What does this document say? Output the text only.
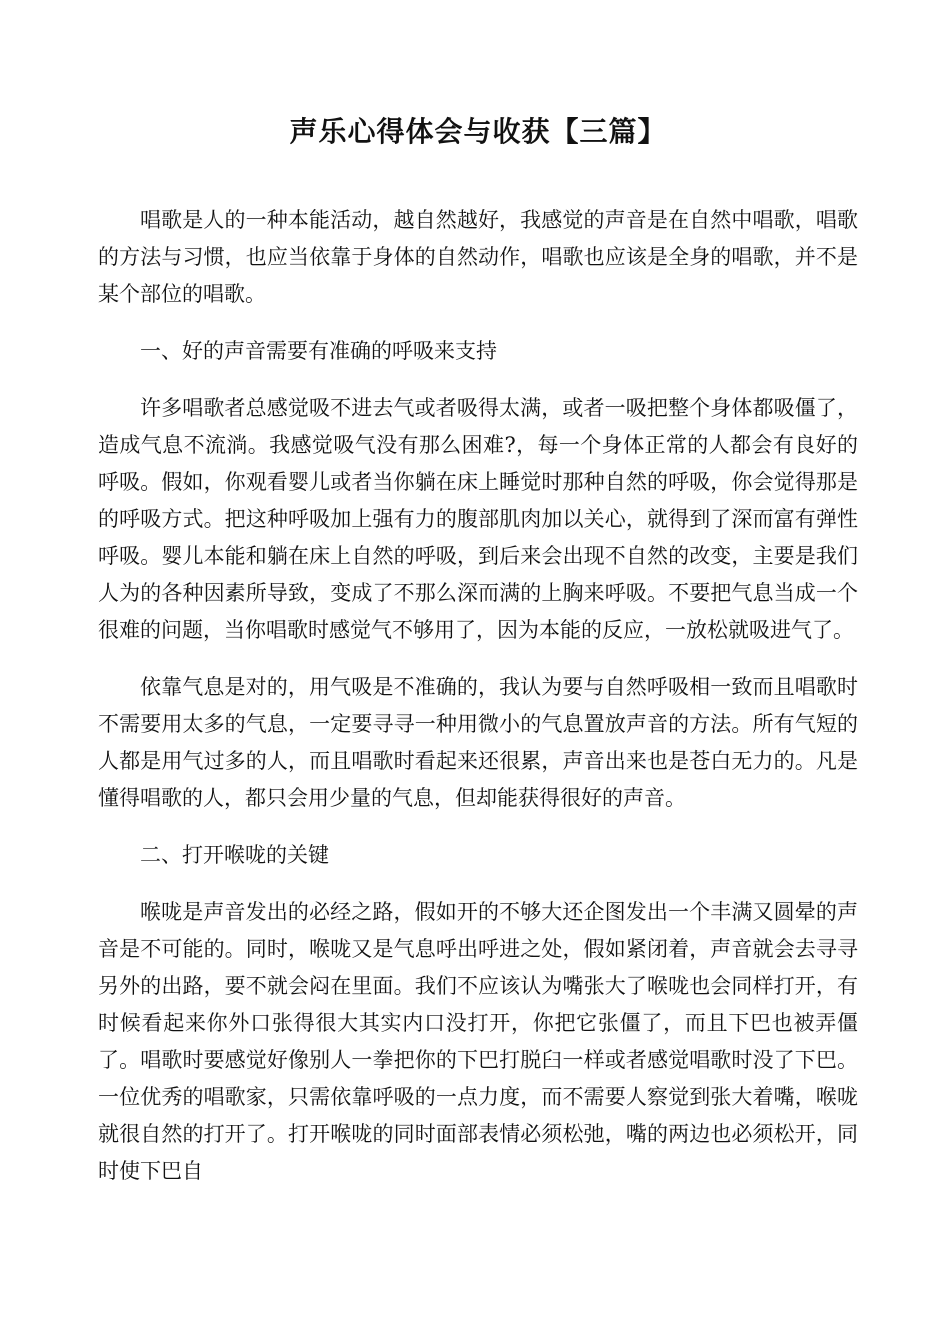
声乐心得体会与收获【三篇】

唱歌是人的一种本能活动，越自然越好，我感觉的声音是在自然中唱歌，唱歌的方法与习惯，也应当依靠于身体的自然动作，唱歌也应该是全身的唱歌，并不是某个部位的唱歌。

一、好的声音需要有准确的呼吸来支持

许多唱歌者总感觉吸不进去气或者吸得太满，或者一吸把整个身体都吸僵了，造成气息不流淌。我感觉吸气没有那么困难?，每一个身体正常的人都会有良好的呼吸。假如，你观看婴儿或者当你躺在床上睡觉时那种自然的呼吸，你会觉得那是的呼吸方式。把这种呼吸加上强有力的腹部肌肉加以关心，就得到了深而富有弹性呼吸。婴儿本能和躺在床上自然的呼吸，到后来会出现不自然的改变，主要是我们人为的各种因素所导致，变成了不那么深而满的上胸来呼吸。不要把气息当成一个很难的问题，当你唱歌时感觉气不够用了，因为本能的反应，一放松就吸进气了。

依靠气息是对的，用气吸是不准确的，我认为要与自然呼吸相一致而且唱歌时不需要用太多的气息，一定要寻寻一种用微小的气息置放声音的方法。所有气短的人都是用气过多的人，而且唱歌时看起来还很累，声音出来也是苍白无力的。凡是懂得唱歌的人，都只会用少量的气息，但却能获得很好的声音。

二、打开喉咙的关键

喉咙是声音发出的必经之路，假如开的不够大还企图发出一个丰满又圆晕的声音是不可能的。同时，喉咙又是气息呼出呼进之处，假如紧闭着，声音就会去寻寻另外的出路，要不就会闷在里面。我们不应该认为嘴张大了喉咙也会同样打开，有时候看起来你外口张得很大其实内口没打开，你把它张僵了，而且下巴也被弄僵了。唱歌时要感觉好像别人一拳把你的下巴打脱臼一样或者感觉唱歌时没了下巴。一位优秀的唱歌家，只需依靠呼吸的一点力度，而不需要人察觉到张大着嘴，喉咙就很自然的打开了。打开喉咙的同时面部表情必须松弛，嘴的两边也必须松开，同时使下巴自
